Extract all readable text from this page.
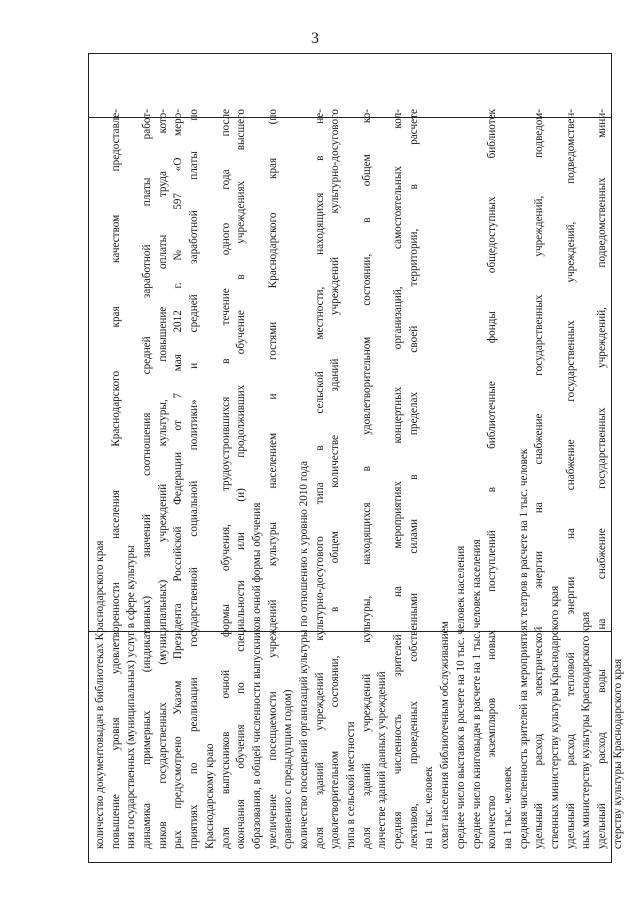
3
количество документовыдач в библиотеках Краснодарского края повышение уровня удовлетворенности населения Краснодарского края качеством предоставле- ния государственных (муниципальных) услуг в сфере культуры динамика примерных (индикативных) значений соотношения средней заработной платы работ- ников государственных (муниципальных) учреждений культуры, повышение оплаты труда кото- рых предусмотрено Указом Президента Российской Федерации от 7 мая 2012 г. № 597 «О меро- приятиях по реализации государственной социальной политики» и средней заработной платы по Краснодарскому краю доля выпускников очной формы обучения, трудоустроившихся в течение одного года после окончания обучения по специальности или (и) продолживших обучение в учреждениях высшего образования, в общей численности выпускников очной формы обучения увеличение посещаемости учреждений культуры населением и гостями Краснодарского края (по сравнению с предыдущим годом) количество посещений организаций культуры по отношению к уровню 2010 года доля зданий учреждений культурно-досугового типа в сельской местности, находящихся в не- удовлетворительном состоянии, в общем количестве зданий учреждений культурно-досугового типа в сельской местности доля зданий учреждений культуры, находящихся в удовлетворительном состоянии, в общем ко- личестве зданий данных учреждений средняя численность зрителей на мероприятиях концертных организаций, самостоятельных кол- лективов, проведенных собственными силами в пределах своей территории, в расчете на 1 тыс. человек охват населения библиотечным обслуживанием среднее число выставок в расчете на 10 тыс. человек населения среднее число книговыдач в расчете на 1 тыс. человек населения количество экземпляров новых поступлений в библиотечные фонды общедоступных библиотек на 1 тыс. человек средняя численность зрителей на мероприятиях театров в расчете на 1 тыс. человек удельный расход электрической энергии на снабжение государственных учреждений, подведом- ственных министерству культуры Краснодарского края удельный расход тепловой энергии на снабжение государственных учреждений, подведомствен- ных министерству культуры Краснодарского края удельный расход воды на снабжение государственных учреждений, подведомственных мини- стерству культуры Краснодарского края
